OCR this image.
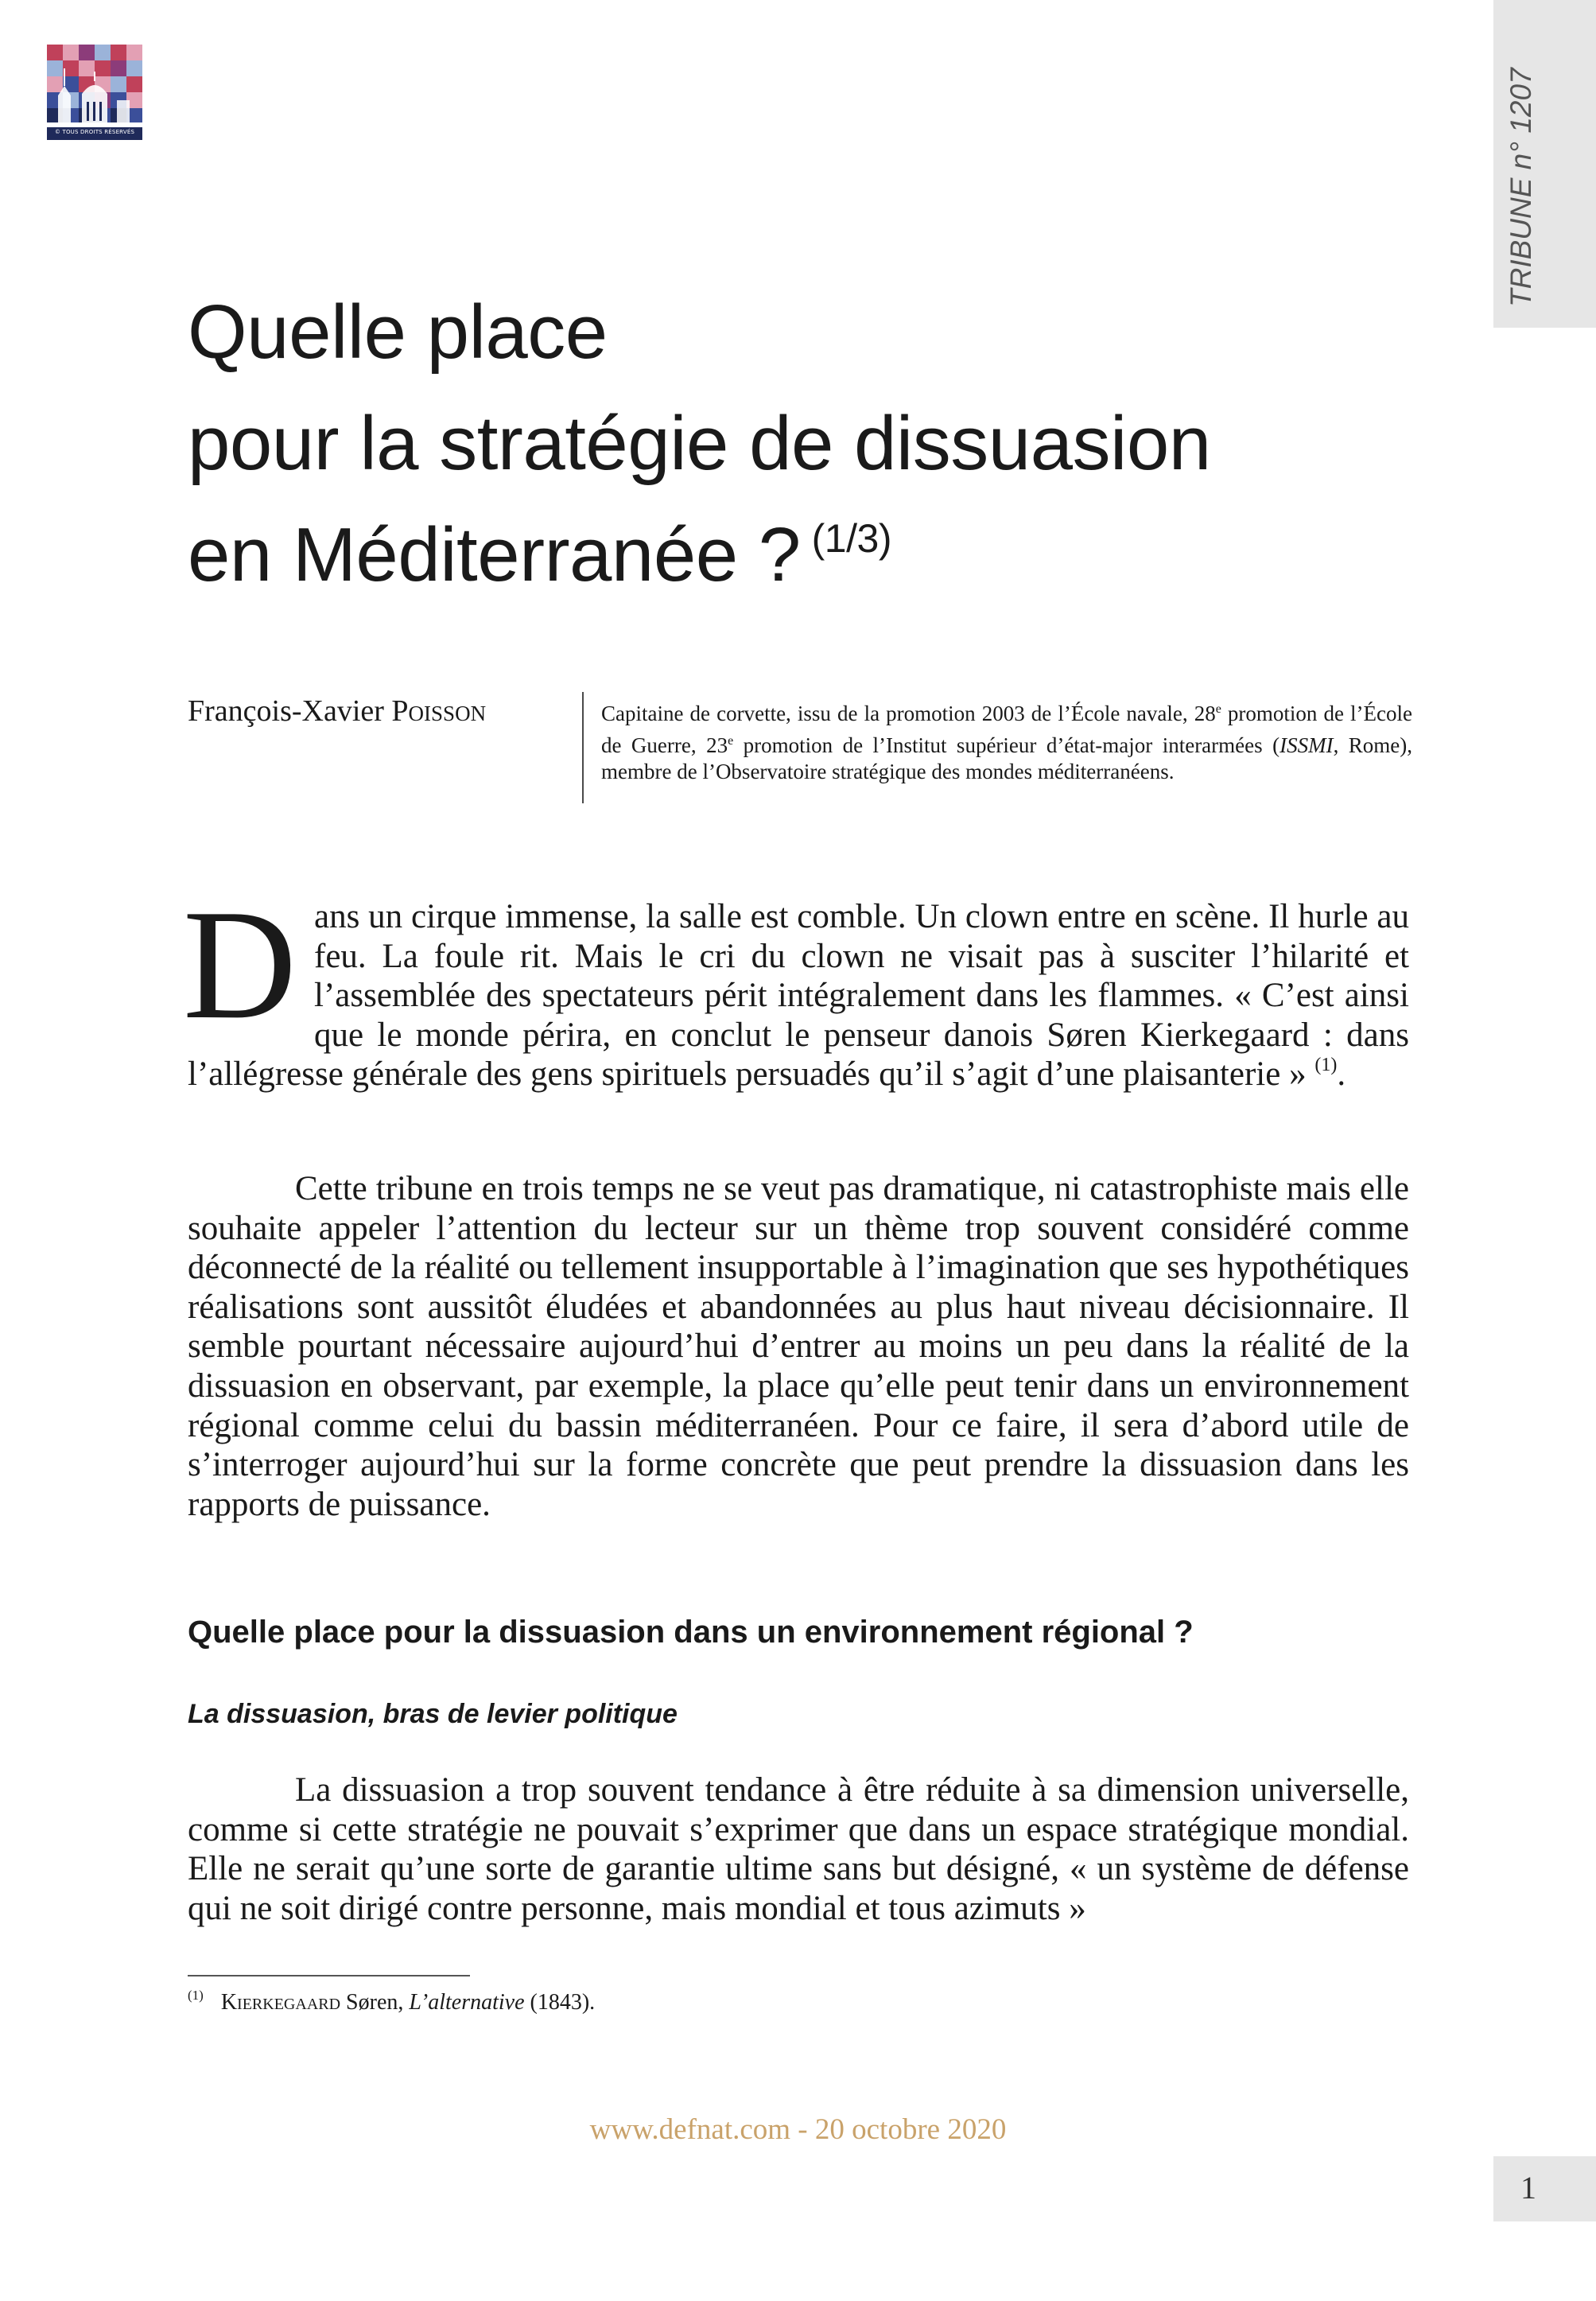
© TOUS DROITS RÉSERVÉS	TRIBUNE n° 1207
Quelle place
pour la stratégie de dissuasion
en Méditerranée ? $^{(1/3)}$
François-Xavier Poisson	Capitaine de corvette, issu de la promotion 2003 de l’École navale, 28e promotion de l’École de Guerre, 23e promotion de l’Institut supérieur d’état-major interarmées (ISSMI, Rome), membre de l’Observatoire stratégique des mondes méditerranéens.
Dans un cirque immense, la salle est comble. Un clown entre en scène. Il hurle au feu. La foule rit. Mais le cri du clown ne visait pas à susciter l’hilarité et l’assemblée des spectateurs périt intégralement dans les flammes. « C’est ainsi que le monde périra, en conclut le penseur danois Søren Kierkegaard : dans l’allégresse générale des gens spirituels persuadés qu’il s’agit d’une plaisanterie » $^{(1)}$.
Cette tribune en trois temps ne se veut pas dramatique, ni catastrophiste mais elle souhaite appeler l’attention du lecteur sur un thème trop souvent considéré comme déconnecté de la réalité ou tellement insupportable à l’imagination que ses hypothétiques réalisations sont aussitôt éludées et abandonnées au plus haut niveau décisionnaire. Il semble pourtant nécessaire aujourd’hui d’entrer au moins un peu dans la réalité de la dissuasion en observant, par exemple, la place qu’elle peut tenir dans un environnement régional comme celui du bassin méditerranéen. Pour ce faire, il sera d’abord utile de s’interroger aujourd’hui sur la forme concrète que peut prendre la dissuasion dans les rapports de puissance.
Quelle place pour la dissuasion dans un environnement régional ?
La dissuasion, bras de levier politique
La dissuasion a trop souvent tendance à être réduite à sa dimension universelle, comme si cette stratégie ne pouvait s’exprimer que dans un espace stratégique mondial. Elle ne serait qu’une sorte de garantie ultime sans but désigné, « un système de défense qui ne soit dirigé contre personne, mais mondial et tous azimuts »
$^{(1)}$ Kierkegaard Søren, L’alternative (1843).
www.defnat.com - 20 octobre 2020
1
